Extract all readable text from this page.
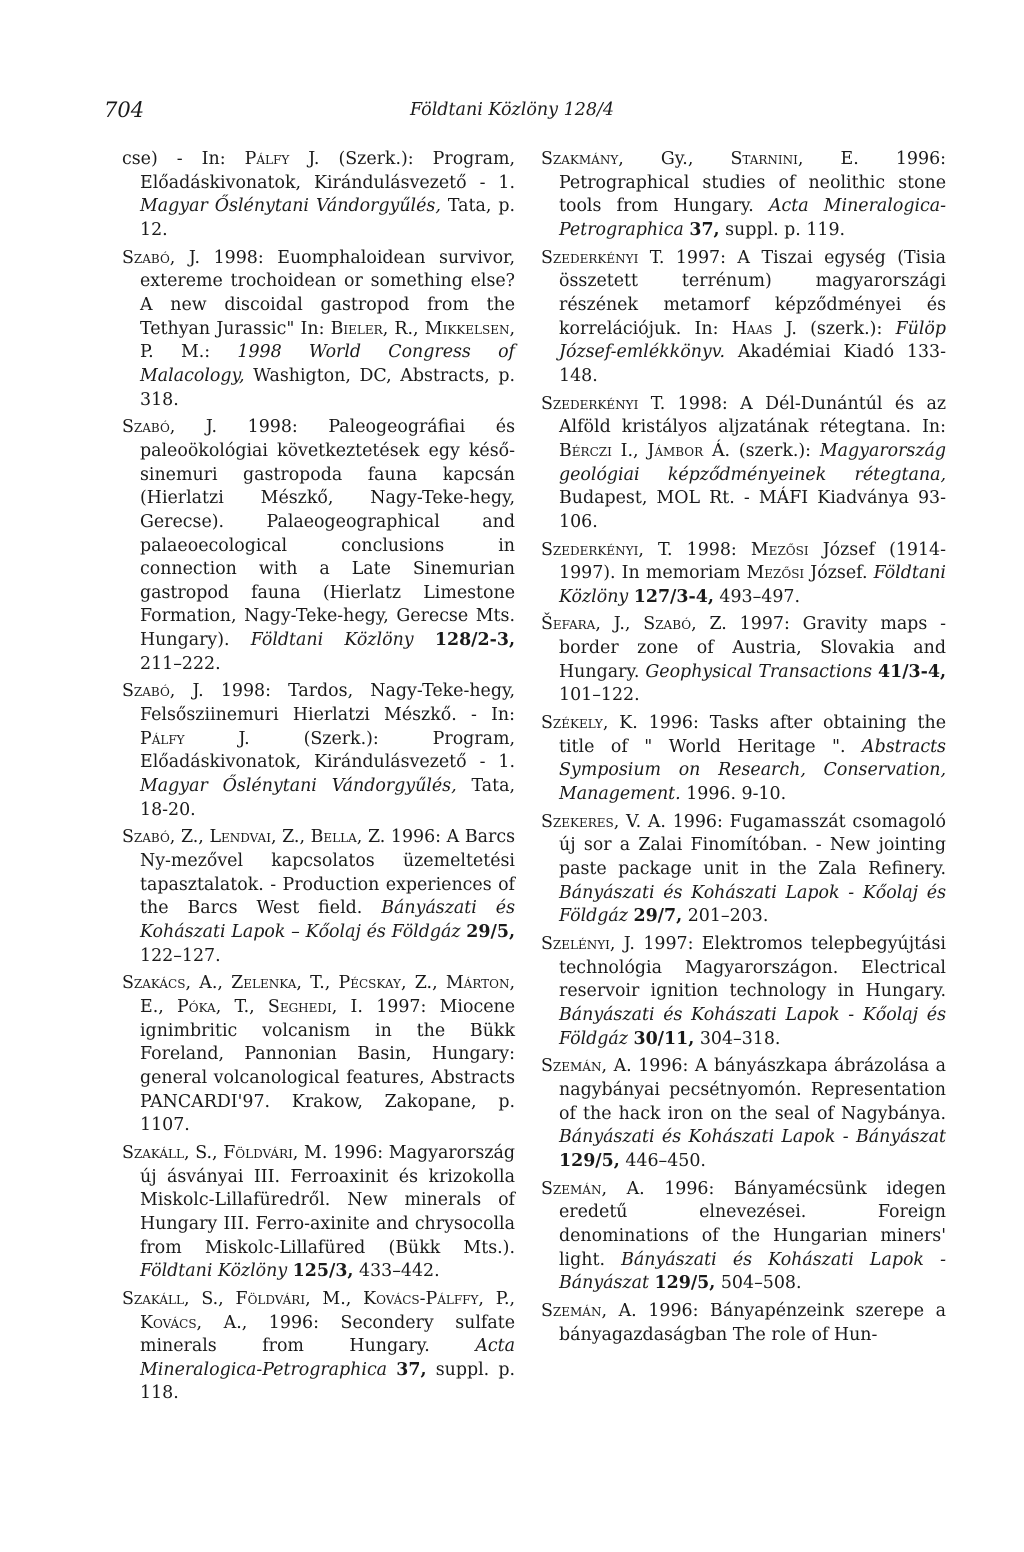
704	Földtani Közlöny 128/4

cse) - In: Pálfy J. (Szerk.): Program, Előadáskivonatok, Kirándulásvezető - 1. Magyar Őslénytani Vándorgyűlés, Tata, p. 12.

Szabó, J. 1998: Euomphaloidean survivor, extereme trochoidean or something else? A new discoidal gastropod from the Tethyan Jurassic" In: Bieler, R., Mikkelsen, P. M.: 1998 World Congress of Malacology, Washigton, DC, Abstracts, p. 318.

Szabó, J. 1998: Paleogeográfiai és paleoökológiai következtetések egy késő-sinemuri gastropoda fauna kapcsán (Hierlatzi Mészkő, Nagy-Teke-hegy, Gerecse). Palaeogeographical and palaeoecological conclusions in connection with a Late Sinemurian gastropod fauna (Hierlatz Limestone Formation, Nagy-Teke-hegy, Gerecse Mts. Hungary). Földtani Közlöny 128/2-3, 211–222.

Szabó, J. 1998: Tardos, Nagy-Teke-hegy, Felsősziinemuri Hierlatzi Mészkő. - In: Pálfy J. (Szerk.): Program, Előadáskivonatok, Kirándulásvezető - 1. Magyar Őslénytani Vándorgyűlés, Tata, 18-20.

Szabó, Z., Lendvai, Z., Bella, Z. 1996: A Barcs Ny-mezővel kapcsolatos üzemeltetési tapasztalatok. - Production experiences of the Barcs West field. Bányászati és Kohászati Lapok – Kőolaj és Földgáz 29/5, 122–127.

Szakács, A., Zelenka, T., Pécskay, Z., Márton, E., Póka, T., Seghedi, I. 1997: Miocene ignimbritic volcanism in the Bükk Foreland, Pannonian Basin, Hungary: general volcanological features, Abstracts PANCARDI'97. Krakow, Zakopane, p. 1107.

Szakáll, S., Földvári, M. 1996: Magyarország új ásványai III. Ferroaxinit és krizokolla Miskolc-Lillafüredről. New minerals of Hungary III. Ferro-axinite and chrysocolla from Miskolc-Lillafüred (Bükk Mts.). Földtani Közlöny 125/3, 433–442.

Szakáll, S., Földvári, M., Kovács-Pálffy, P., Kovács, A., 1996: Secondery sulfate minerals from Hungary. Acta Mineralogica-Petrographica 37, suppl. p. 118.

Szakmány, Gy., Starnini, E. 1996: Petrographical studies of neolithic stone tools from Hungary. Acta Mineralogica-Petrographica 37, suppl. p. 119.

Szederkényi T. 1997: A Tiszai egység (Tisia összetett terrénum) magyarországi részének metamorf képződményei és korrelációjuk. In: Haas J. (szerk.): Fülöp József-emlékkönyv. Akadémiai Kiadó 133-148.

Szederkényi T. 1998: A Dél-Dunántúl és az Alföld kristályos aljzatának rétegtana. In: Bérczi I., Jámbor Á. (szerk.): Magyarország geológiai képződményeinek rétegtana, Budapest, MOL Rt. - MÁFI Kiadványa 93-106.

Szederkényi, T. 1998: Mezősi József (1914-1997). In memoriam Mezősi József. Földtani Közlöny 127/3-4, 493–497.

Šefara, J., Szabó, Z. 1997: Gravity maps - border zone of Austria, Slovakia and Hungary. Geophysical Transactions 41/3-4, 101–122.

Székely, K. 1996: Tasks after obtaining the title of " World Heritage ". Abstracts Symposium on Research, Conservation, Management. 1996. 9-10.

Szekeres, V. A. 1996: Fugamasszát csomagoló új sor a Zalai Finomítóban. - New jointing paste package unit in the Zala Refinery. Bányászati és Kohászati Lapok - Kőolaj és Földgáz 29/7, 201–203.

Szelényi, J. 1997: Elektromos telepbegyújtási technológia Magyarországon. Electrical reservoir ignition technology in Hungary. Bányászati és Kohászati Lapok - Kőolaj és Földgáz 30/11, 304–318.

Szemán, A. 1996: A bányászkapa ábrázolása a nagybányai pecsétnyomón. Representation of the hack iron on the seal of Nagybánya. Bányászati és Kohászati Lapok - Bányászat 129/5, 446–450.

Szemán, A. 1996: Bányamécsünk idegen eredetű elnevezései. Foreign denominations of the Hungarian miners' light. Bányászati és Kohászati Lapok - Bányászat 129/5, 504–508.

Szemán, A. 1996: Bányapénzeink szerepe a bányagazdaságban The role of Hun-
